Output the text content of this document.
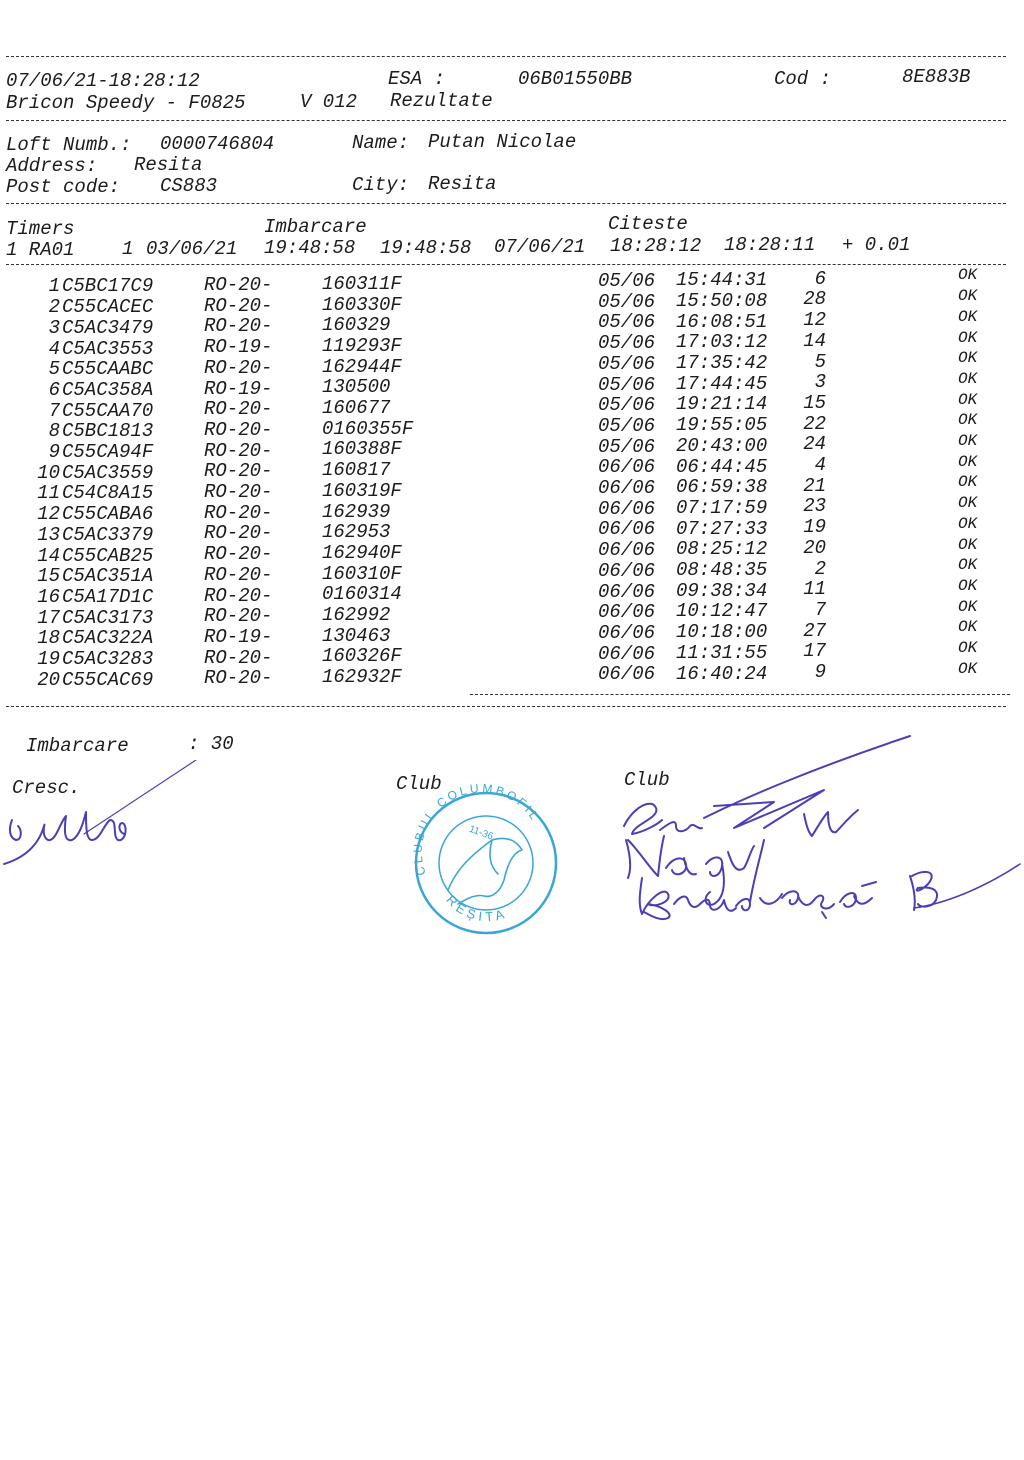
07/06/21-18:28:12	ESA :	06B01550BB	Cod :	8E883B
Bricon Speedy - F0825	V 012 Rezultate
Loft Numb.: 0000746804	Name: Putan Nicolae
Address: Resita
Post code: CS883	City: Resita
Timers	Imbarcare	Citeste
1 RA01	1 03/06/21 19:48:58 19:48:58 07/06/21 18:28:12 18:28:11 + 0.01
1 C5BC17C9	RO-20-	160311F	05/06 15:44:31 6	OK
2 C55CACEC	RO-20-	160330F	05/06 15:50:08 28	OK
3 C5AC3479	RO-20-	160329	05/06 16:08:51 12	OK
4 C5AC3553	RO-19-	119293F	05/06 17:03:12 14	OK
5 C55CAABC	RO-20-	162944F	05/06 17:35:42 5	OK
6 C5AC358A	RO-19-	130500	05/06 17:44:45 3	OK
7 C55CAA70	RO-20-	160677	05/06 19:21:14 15	OK
8 C5BC1813	RO-20-	0160355F	05/06 19:55:05 22	OK
9 C55CA94F	RO-20-	160388F	05/06 20:43:00 24	OK
10 C5AC3559	RO-20-	160817	06/06 06:44:45 4	OK
11 C54C8A15	RO-20-	160319F	06/06 06:59:38 21	OK
12 C55CABA6	RO-20-	162939	06/06 07:17:59 23	OK
13 C5AC3379	RO-20-	162953	06/06 07:27:33 19	OK
14 C55CAB25	RO-20-	162940F	06/06 08:25:12 20	OK
15 C5AC351A	RO-20-	160310F	06/06 08:48:35 2	OK
16 C5A17D1C	RO-20-	0160314	06/06 09:38:34 11	OK
17 C5AC3173	RO-20-	162992	06/06 10:12:47 7	OK
18 C5AC322A	RO-19-	130463	06/06 10:18:00 27	OK
19 C5AC3283	RO-20-	160326F	06/06 11:31:55 17	OK
20 C55CAC69	RO-20-	162932F	06/06 16:40:24 9	OK
Imbarcare	: 30
Cresc.	Club	Club
CLUBUL COLUMBOFIL
REȘITA
11-36
